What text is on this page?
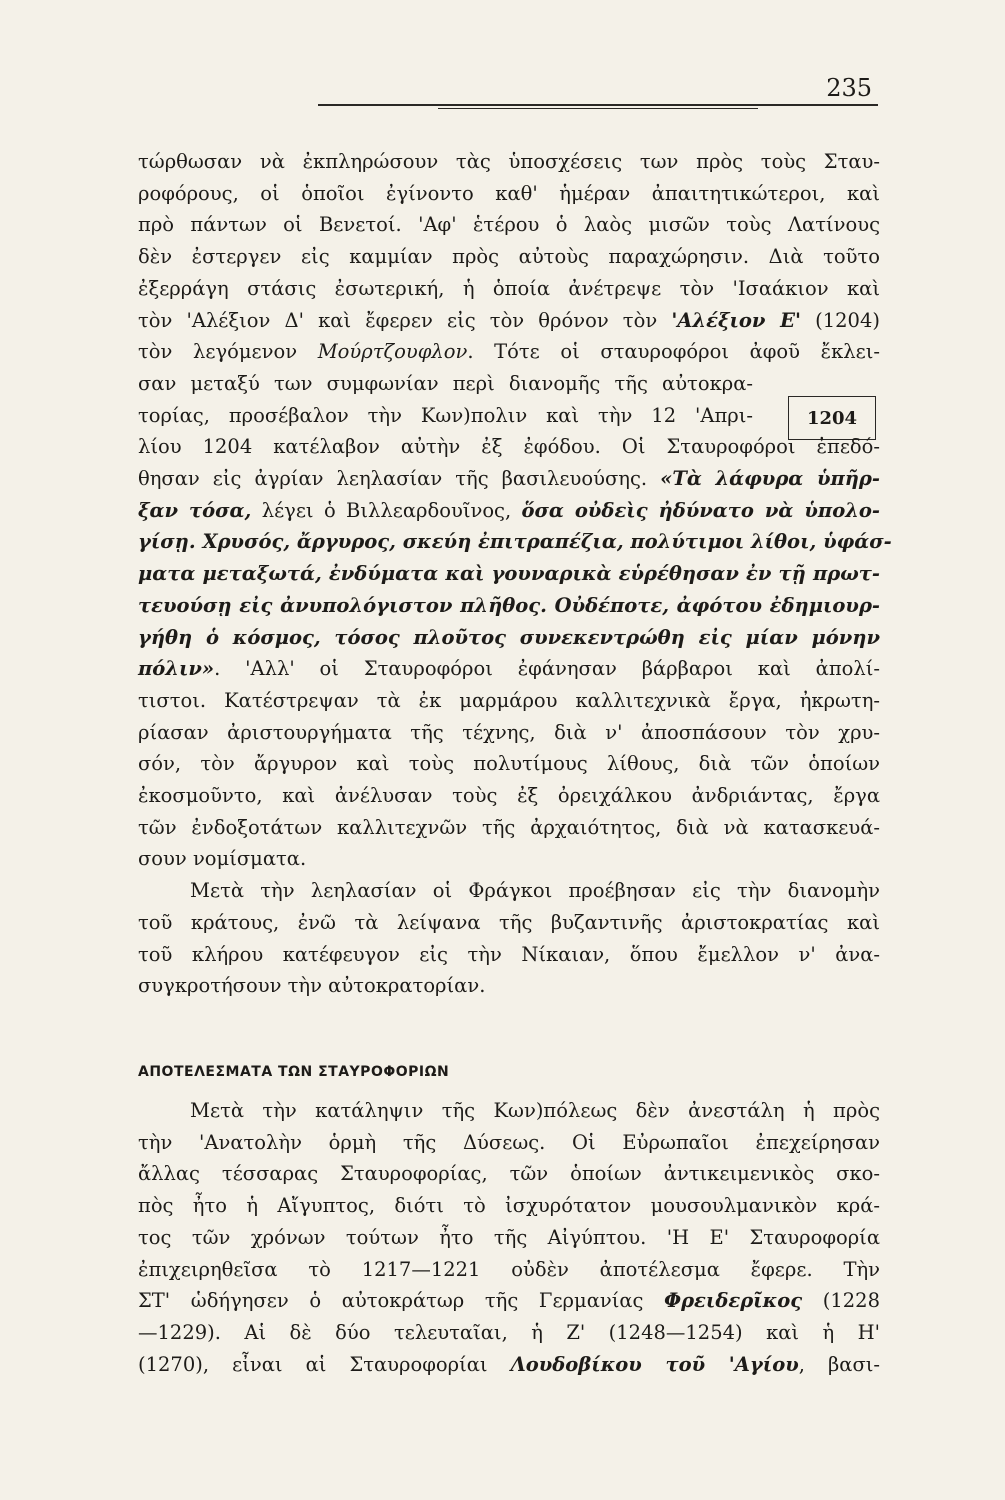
235
1204
τώρθωσαν νὰ ἐκπληρώσουν τὰς ὑποσχέσεις των πρὸς τοὺς Σταυ-
ροφόρους, οἱ ὁποῖοι ἐγίνοντο καθ' ἡμέραν ἀπαιτητικώτεροι, καὶ
πρὸ πάντων οἱ Βενετοί. 'Αφ' ἑτέρου ὁ λαὸς μισῶν τοὺς Λατίνους
δὲν ἐστεργεν εἰς καμμίαν πρὸς αὐτοὺς παραχώρησιν. Διὰ τοῦτο
ἐξερράγη στάσις ἐσωτερική, ἡ ὁποία ἀνέτρεψε τὸν 'Ισαάκιον καὶ
τὸν 'Αλέξιον Δ' καὶ ἔφερεν εἰς τὸν θρόνον τὸν 'Αλέξιον Ε' (1204)
τὸν λεγόμενον Μούρτζουφλον. Τότε οἱ σταυροφόροι ἀφοῦ ἔκλει-
σαν μεταξύ των συμφωνίαν περὶ διανομῆς τῆς αὐτοκρα-
τορίας, προσέβαλον τὴν Κων)πολιν καὶ τὴν 12 'Απρι-
λίου 1204 κατέλαβον αὐτὴν ἐξ ἐφόδου. Οἱ Σταυροφόροι ἐπεδό-
θησαν εἰς ἀγρίαν λεηλασίαν τῆς βασιλευούσης. «Τὰ λάφυρα ὑπῆρ-
ξαν τόσα, λέγει ὁ Βιλλεαρδουῖνος, ὅσα οὐδεὶς ἠδύνατο νὰ ὑπολο-
γίσῃ. Χρυσός, ἄργυρος, σκεύη ἐπιτραπέζια, πολύτιμοι λίθοι, ὑφάσ-
ματα μεταξωτά, ἐνδύματα καὶ γουναρικὰ εὑρέθησαν ἐν τῇ πρωτ-
τευούσῃ εἰς ἀνυπολόγιστον πλῆθος. Οὐδέποτε, ἀφότου ἐδημιουρ-
γήθη ὁ κόσμος, τόσος πλοῦτος συνεκεντρώθη εἰς μίαν μόνην
πόλιν». 'Αλλ' οἱ Σταυροφόροι ἐφάνησαν βάρβαροι καὶ ἀπολί-
τιστοι. Κατέστρεψαν τὰ ἐκ μαρμάρου καλλιτεχνικὰ ἔργα, ἠκρωτη-
ρίασαν ἀριστουργήματα τῆς τέχνης, διὰ ν' ἀποσπάσουν τὸν χρυ-
σόν, τὸν ἄργυρον καὶ τοὺς πολυτίμους λίθους, διὰ τῶν ὁποίων
ἐκοσμοῦντο, καὶ ἀνέλυσαν τοὺς ἐξ ὀρειχάλκου ἀνδριάντας, ἔργα
τῶν ἐνδοξοτάτων καλλιτεχνῶν τῆς ἀρχαιότητος, διὰ νὰ κατασκευά-
σουν νομίσματα.
Μετὰ τὴν λεηλασίαν οἱ Φράγκοι προέβησαν εἰς τὴν διανομὴν
τοῦ κράτους, ἐνῶ τὰ λείψανα τῆς βυζαντινῆς ἀριστοκρατίας καὶ
τοῦ κλήρου κατέφευγον εἰς τὴν Νίκαιαν, ὅπου ἔμελλον ν' ἀνα-
συγκροτήσουν τὴν αὐτοκρατορίαν.
ΑΠΟΤΕΛΕΣΜΑΤΑ ΤΩΝ ΣΤΑΥΡΟΦΟΡΙΩΝ
Μετὰ τὴν κατάληψιν τῆς Κων)πόλεως δὲν ἀνεστάλη ἡ πρὸς
τὴν 'Ανατολὴν ὁρμὴ τῆς Δύσεως. Οἱ Εὐρωπαῖοι ἐπεχείρησαν
ἄλλας τέσσαρας Σταυροφορίας, τῶν ὁποίων ἀντικειμενικὸς σκο-
πὸς ἦτο ἡ Αἴγυπτος, διότι τὸ ἰσχυρότατον μουσουλμανικὸν κρά-
τος τῶν χρόνων τούτων ἦτο τῆς Αἰγύπτου. 'Η Ε' Σταυροφορία
ἐπιχειρηθεῖσα τὸ 1217—1221 οὐδὲν ἀποτέλεσμα ἔφερε. Τὴν
ΣΤ' ὡδήγησεν ὁ αὐτοκράτωρ τῆς Γερμανίας Φρειδερῖκος (1228
—1229). Αἱ δὲ δύο τελευταῖαι, ἡ Ζ' (1248—1254) καὶ ἡ Η'
(1270), εἶναι αἱ Σταυροφορίαι Λουδοβίκου τοῦ 'Αγίου, βασι-
